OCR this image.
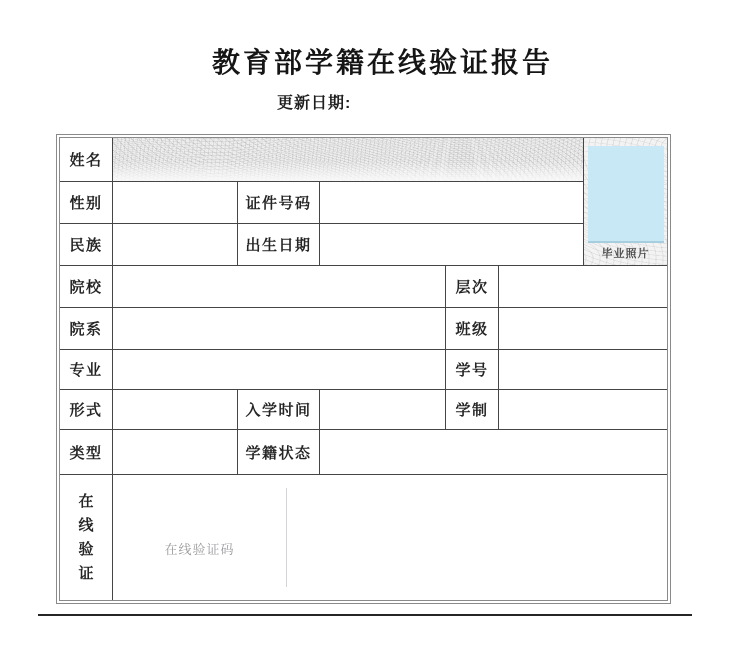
教育部学籍在线验证报告
更新日期:
毕业照片
姓名
性别	证件号码
民族	出生日期
院校	层次
院系	班级
专业	学号
形式	入学时间	学制
类型	学籍状态
在线验证
在线验证码
